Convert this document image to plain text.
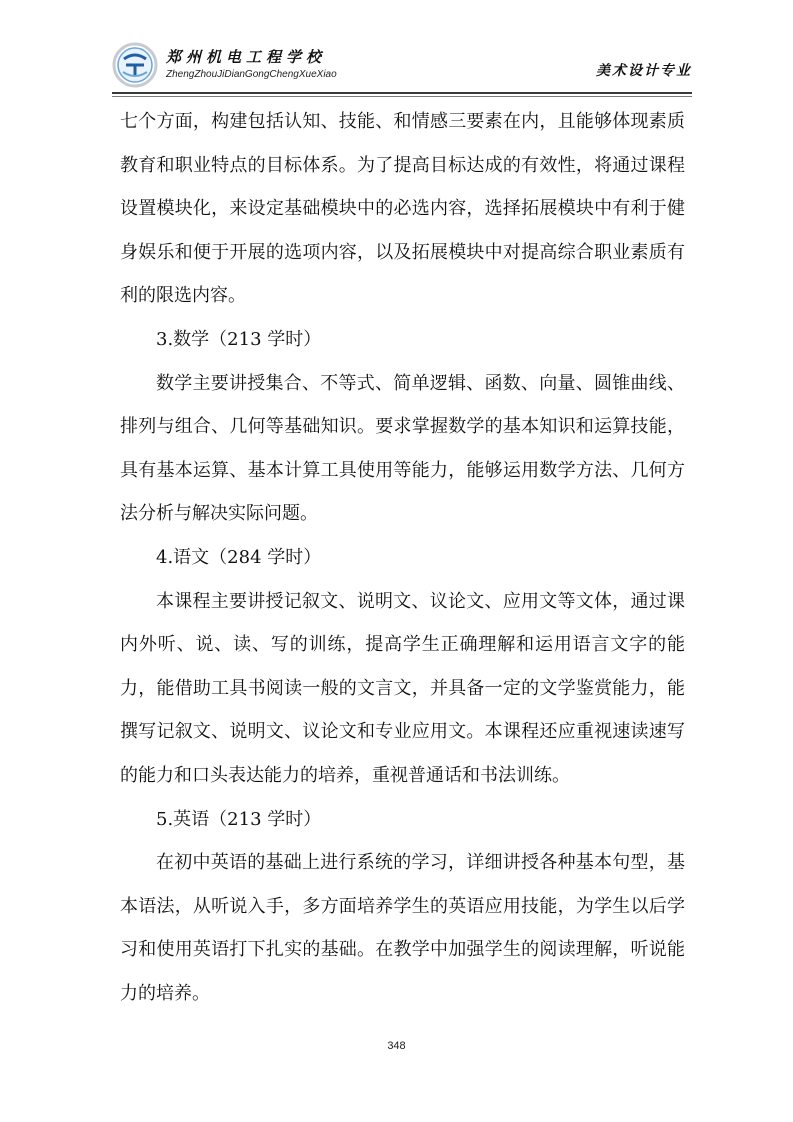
郑州机电工程学校
ZhengZhouJiDianGongChengXueXiao	美术设计专业

七个方面，构建包括认知、技能、和情感三要素在内，且能够体现素质教育和职业特点的目标体系。为了提高目标达成的有效性，将通过课程设置模块化，来设定基础模块中的必选内容，选择拓展模块中有利于健身娱乐和便于开展的选项内容，以及拓展模块中对提高综合职业素质有利的限选内容。

3.数学（213 学时）

数学主要讲授集合、不等式、简单逻辑、函数、向量、圆锥曲线、排列与组合、几何等基础知识。要求掌握数学的基本知识和运算技能，具有基本运算、基本计算工具使用等能力，能够运用数学方法、几何方法分析与解决实际问题。

4.语文（284 学时）

本课程主要讲授记叙文、说明文、议论文、应用文等文体，通过课内外听、说、读、写的训练，提高学生正确理解和运用语言文字的能力，能借助工具书阅读一般的文言文，并具备一定的文学鉴赏能力，能撰写记叙文、说明文、议论文和专业应用文。本课程还应重视速读速写的能力和口头表达能力的培养，重视普通话和书法训练。

5.英语（213 学时）

在初中英语的基础上进行系统的学习，详细讲授各种基本句型，基本语法，从听说入手，多方面培养学生的英语应用技能，为学生以后学习和使用英语打下扎实的基础。在教学中加强学生的阅读理解，听说能力的培养。

348
